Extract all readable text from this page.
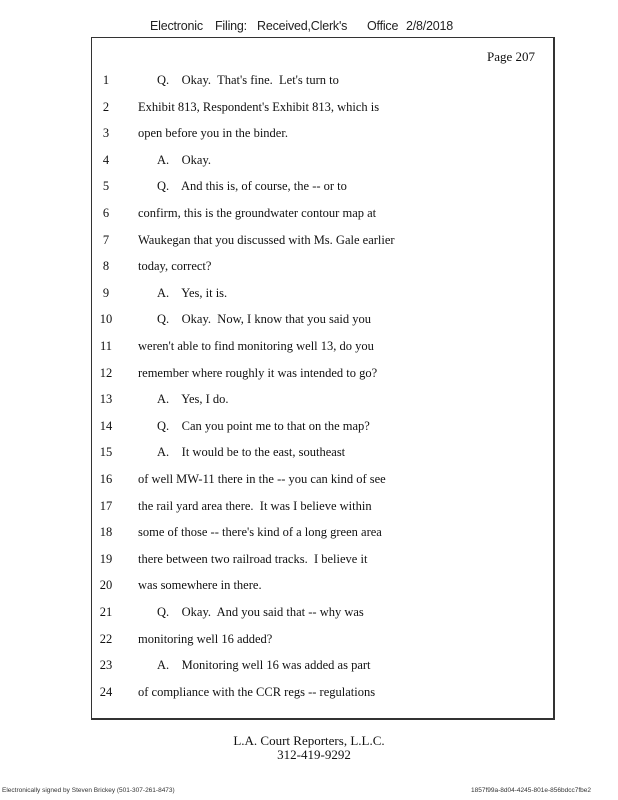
Electronic Filing: Received,Clerk's Office 2/8/2018
Page 207
1	Q.    Okay.  That's fine.  Let's turn to
2	Exhibit 813, Respondent's Exhibit 813, which is
3	open before you in the binder.
4	A.    Okay.
5	Q.    And this is, of course, the -- or to
6	confirm, this is the groundwater contour map at
7	Waukegan that you discussed with Ms. Gale earlier
8	today, correct?
9	A.    Yes, it is.
10	Q.    Okay.  Now, I know that you said you
11	weren't able to find monitoring well 13, do you
12	remember where roughly it was intended to go?
13	A.    Yes, I do.
14	Q.    Can you point me to that on the map?
15	A.    It would be to the east, southeast
16	of well MW-11 there in the -- you can kind of see
17	the rail yard area there.  It was I believe within
18	some of those -- there's kind of a long green area
19	there between two railroad tracks.  I believe it
20	was somewhere in there.
21	Q.    Okay.  And you said that -- why was
22	monitoring well 16 added?
23	A.    Monitoring well 16 was added as part
24	of compliance with the CCR regs -- regulations
L.A. Court Reporters, L.L.C.
312-419-9292
Electronically signed by Steven Brickey (501-307-261-8473)	1857f99a-8d04-4245-801e-856bdcc7fbe2
